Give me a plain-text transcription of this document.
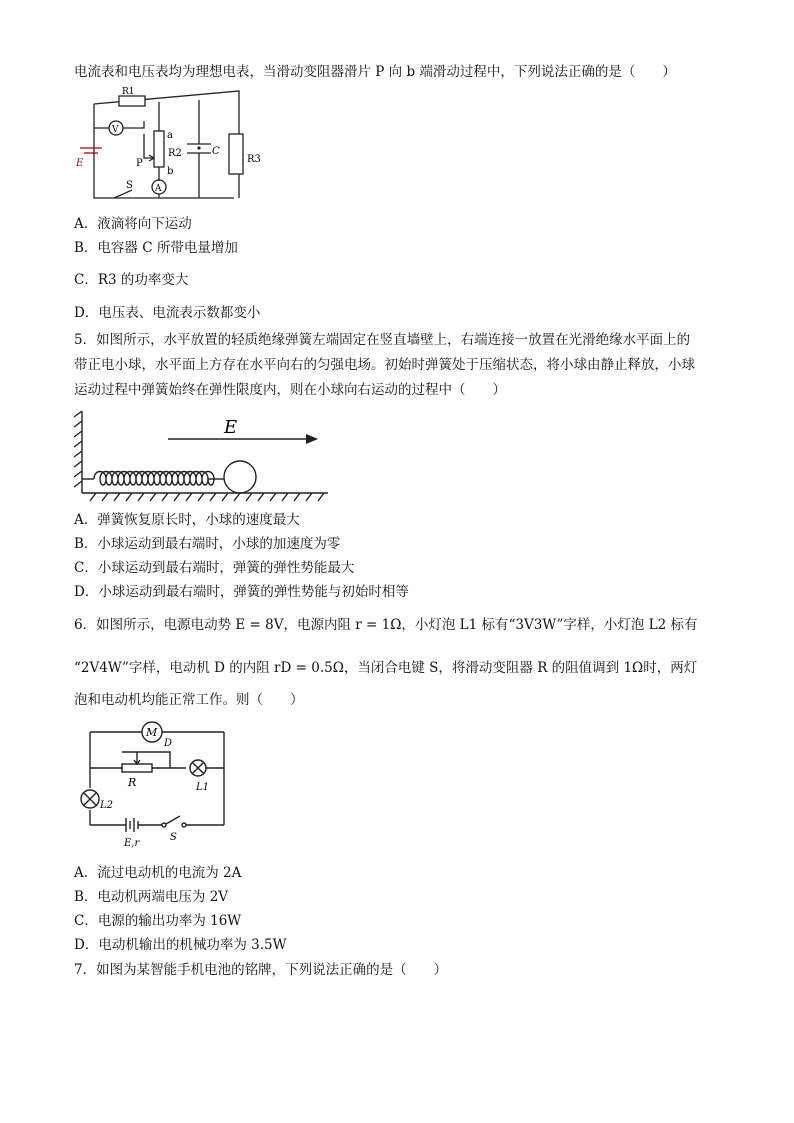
电流表和电压表均为理想电表，当滑动变阻器滑片 P 向 b 端滑动过程中，下列说法正确的是（　　）
R1
V	a
b
P
R2	C
R3
E
S A
A．液滴将向下运动
B．电容器 C 所带电量增加
C．R3 的功率变大
D．电压表、电流表示数都变小
5．如图所示，水平放置的轻质绝缘弹簧左端固定在竖直墙壁上，右端连接一放置在光滑绝缘水平面上的
带正电小球，水平面上方存在水平向右的匀强电场。初始时弹簧处于压缩状态，将小球由静止释放，小球
运动过程中弹簧始终在弹性限度内，则在小球向右运动的过程中（　　）
E
A．弹簧恢复原长时，小球的速度最大
B．小球运动到最右端时，小球的加速度为零
C．小球运动到最右端时，弹簧的弹性势能最大
D．小球运动到最右端时，弹簧的弹性势能与初始时相等
6．如图所示，电源电动势 E = 8V，电源内阻 r = 1Ω，小灯泡 L1 标有“3V3W”字样，小灯泡 L2 标有
“2V4W”字样，电动机 D 的内阻 rD = 0.5Ω，当闭合电键 S，将滑动变阻器 R 的阻值调到 1Ω时，两灯
泡和电动机均能正常工作。则（　　）
M
D
R	L1
L2
E,r
S
A．流过电动机的电流为 2A
B．电动机两端电压为 2V
C．电源的输出功率为 16W
D．电动机输出的机械功率为 3.5W
7．如图为某智能手机电池的铭牌，下列说法正确的是（　　）
